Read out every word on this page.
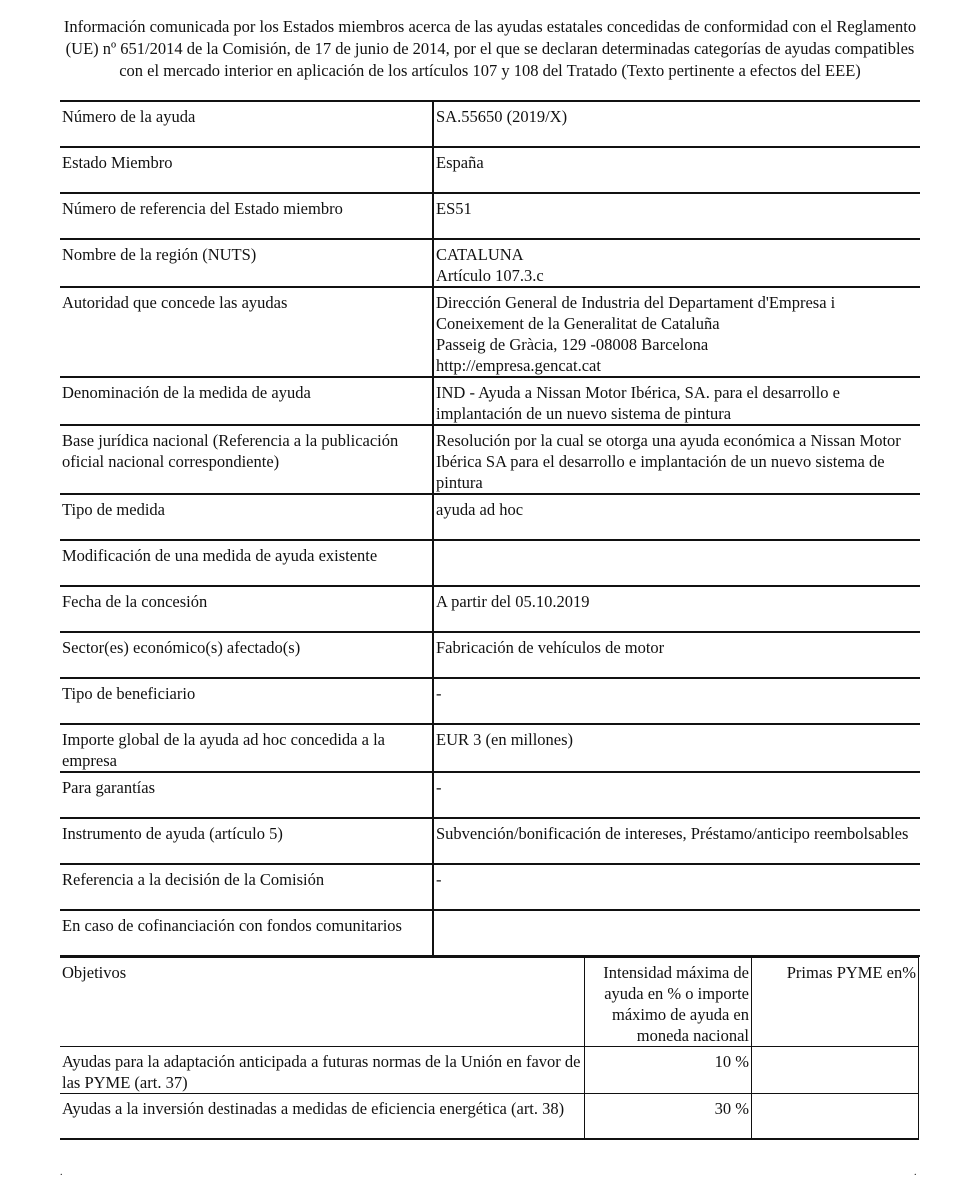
Información comunicada por los Estados miembros acerca de las ayudas estatales concedidas de conformidad con el Reglamento (UE) nº 651/2014 de la Comisión, de 17 de junio de 2014, por el que se declaran determinadas categorías de ayudas compatibles con el mercado interior en aplicación de los artículos 107 y 108 del Tratado (Texto pertinente a efectos del EEE)
Número de la ayuda	SA.55650 (2019/X)

Estado Miembro	España

Número de referencia del Estado miembro	ES51

Nombre de la región (NUTS)	CATALUNA
Artículo 107.3.c

Autoridad que concede las ayudas	Dirección General de Industria del Departament d'Empresa i Coneixement de la Generalitat de Cataluña
Passeig de Gràcia, 129 -08008 Barcelona
http://empresa.gencat.cat

Denominación de la medida de ayuda	IND - Ayuda a Nissan Motor Ibérica, SA. para el desarrollo e implantación de un nuevo sistema de pintura

Base jurídica nacional (Referencia a la publicación oficial nacional correspondiente)	Resolución por la cual se otorga una ayuda económica a Nissan Motor Ibérica SA para el desarrollo e implantación de un nuevo sistema de pintura

Tipo de medida	ayuda ad hoc

Modificación de una medida de ayuda existente	

Fecha de la concesión	A partir del 05.10.2019

Sector(es) económico(s) afectado(s)	Fabricación de vehículos de motor

Tipo de beneficiario	-

Importe global de la ayuda ad hoc concedida a la empresa	EUR 3 (en millones)

Para garantías	-

Instrumento de ayuda (artículo 5)	Subvención/bonificación de intereses, Préstamo/anticipo reembolsables

Referencia a la decisión de la Comisión	-

En caso de cofinanciación con fondos comunitarios	
Objetivos	Intensidad máxima de ayuda en % o importe máximo de ayuda en moneda nacional	Primas PYME en%
Ayudas para la adaptación anticipada a futuras normas de la Unión en favor de las PYME (art. 37)	10 %	
Ayudas a la inversión destinadas a medidas de eficiencia energética (art. 38)	30 %	
.	.
